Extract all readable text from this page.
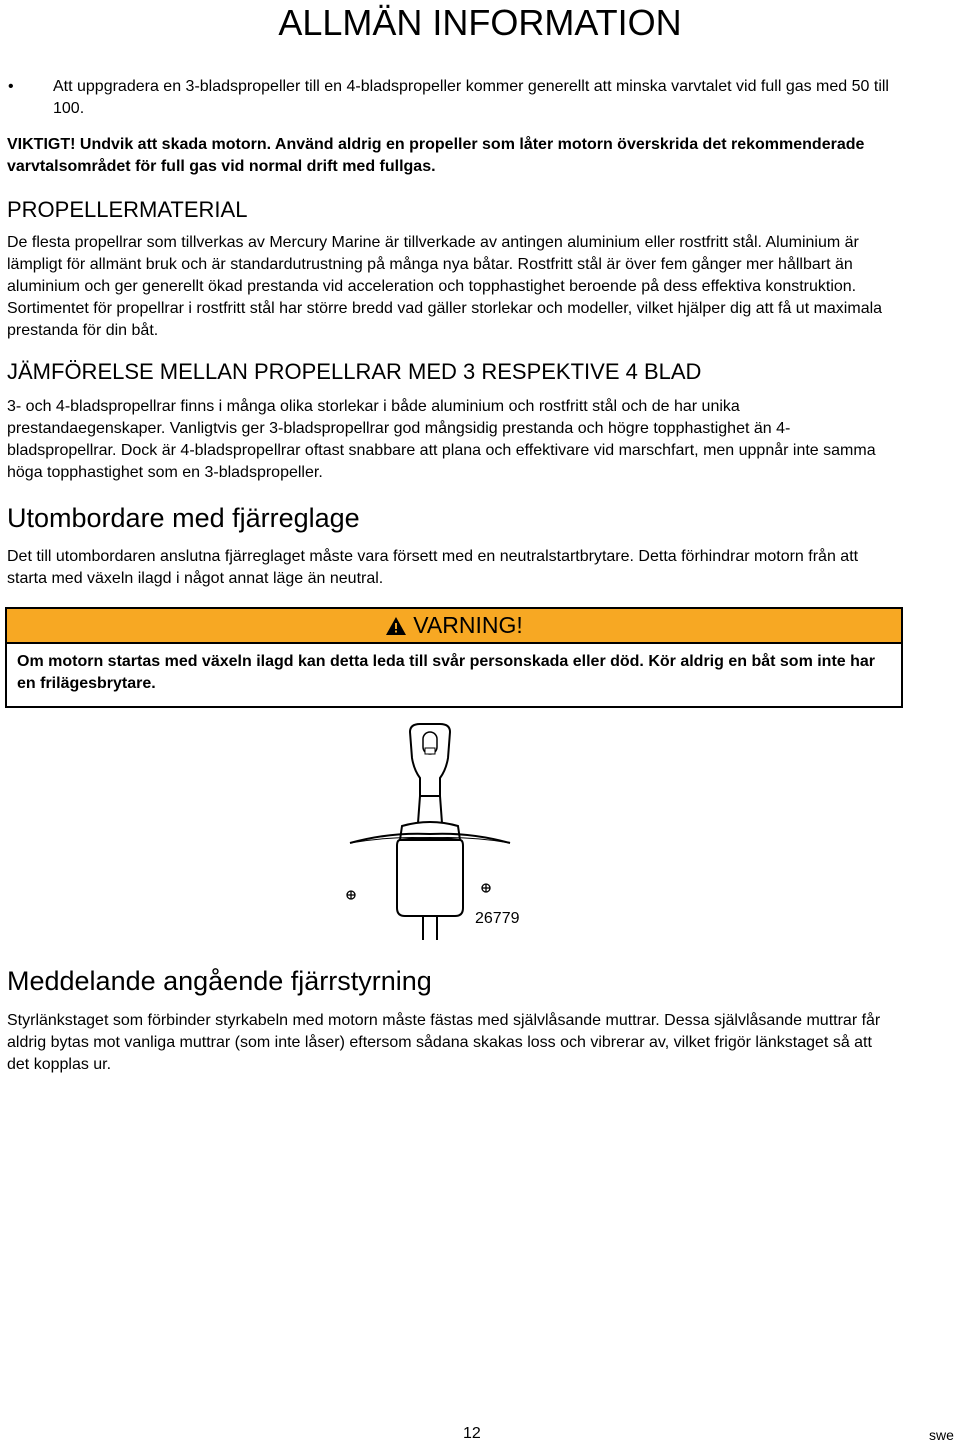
ALLMÄN INFORMATION
• Att uppgradera en 3-bladspropeller till en 4-bladspropeller kommer generellt att minska varvtalet vid full gas med 50 till 100.

VIKTIGT! Undvik att skada motorn. Använd aldrig en propeller som låter motorn överskrida det rekommenderade varvtalsområdet för full gas vid normal drift med fullgas.

PROPELLERMATERIAL

De flesta propellrar som tillverkas av Mercury Marine är tillverkade av antingen aluminium eller rostfritt stål. Aluminium är lämpligt för allmänt bruk och är standardutrustning på många nya båtar. Rostfritt stål är över fem gånger mer hållbart än aluminium och ger generellt ökad prestanda vid acceleration och topphastighet beroende på dess effektiva konstruktion. Sortimentet för propellrar i rostfritt stål har större bredd vad gäller storlekar och modeller, vilket hjälper dig att få ut maximala prestanda för din båt.

JÄMFÖRELSE MELLAN PROPELLRAR MED 3 RESPEKTIVE 4 BLAD

3- och 4-bladspropellrar finns i många olika storlekar i både aluminium och rostfritt stål och de har unika prestandaegenskaper. Vanligtvis ger 3-bladspropellrar god mångsidig prestanda och högre topphastighet än 4-bladspropellrar. Dock är 4-bladspropellrar oftast snabbare att plana och effektivare vid marschfart, men uppnår inte samma höga topphastighet som en 3-bladspropeller.

Utombordare med fjärreglage

Det till utombordaren anslutna fjärreglaget måste vara försett med en neutralstartbrytare. Detta förhindrar motorn från att starta med växeln ilagd i något annat läge än neutral.

VARNING!
Om motorn startas med växeln ilagd kan detta leda till svår personskada eller död. Kör aldrig en båt som inte har en frilägesbrytare.
26779
Meddelande angående fjärrstyrning

Styrlänkstaget som förbinder styrkabeln med motorn måste fästas med självlåsande muttrar. Dessa självlåsande muttrar får aldrig bytas mot vanliga muttrar (som inte låser) eftersom sådana skakas loss och vibrerar av, vilket frigör länkstaget så att det kopplas ur.

12	swe
